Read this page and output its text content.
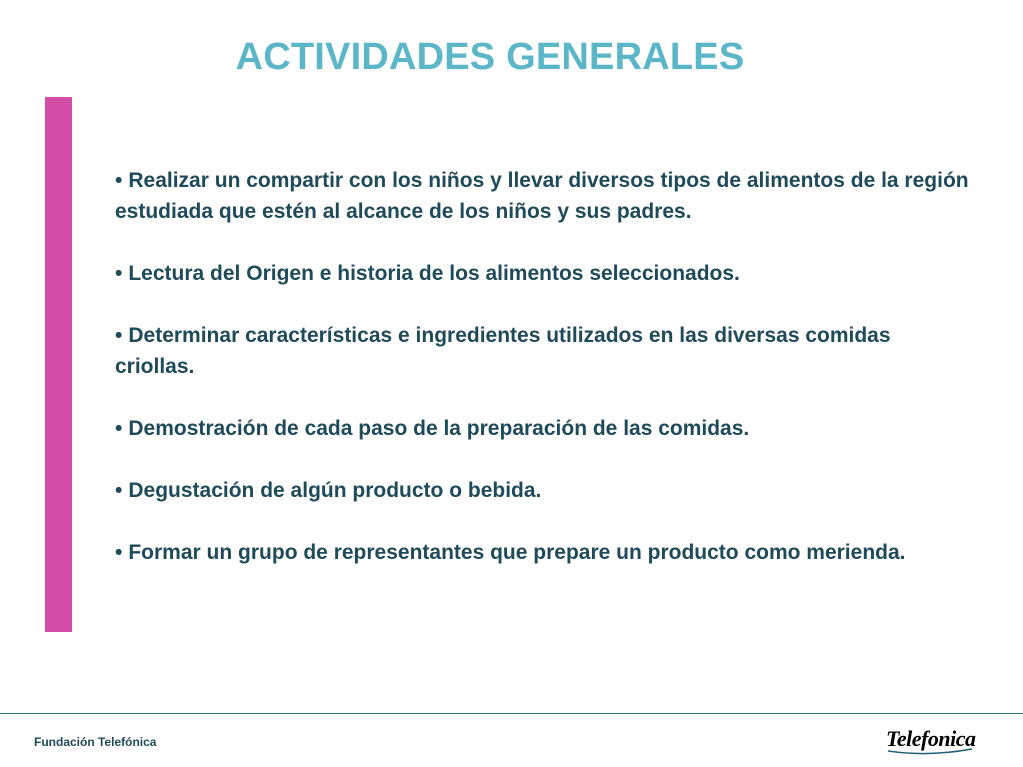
ACTIVIDADES GENERALES
• Realizar un compartir con los niños y llevar diversos tipos de alimentos de la región estudiada que estén al alcance de los niños y sus padres.
• Lectura del Origen e historia de los alimentos seleccionados.
• Determinar características e ingredientes utilizados en las diversas comidas criollas.
• Demostración de cada paso de la preparación de las comidas.
• Degustación de algún producto o bebida.
• Formar un grupo de representantes que prepare un producto como merienda.
Fundación Telefónica	Telefonica
